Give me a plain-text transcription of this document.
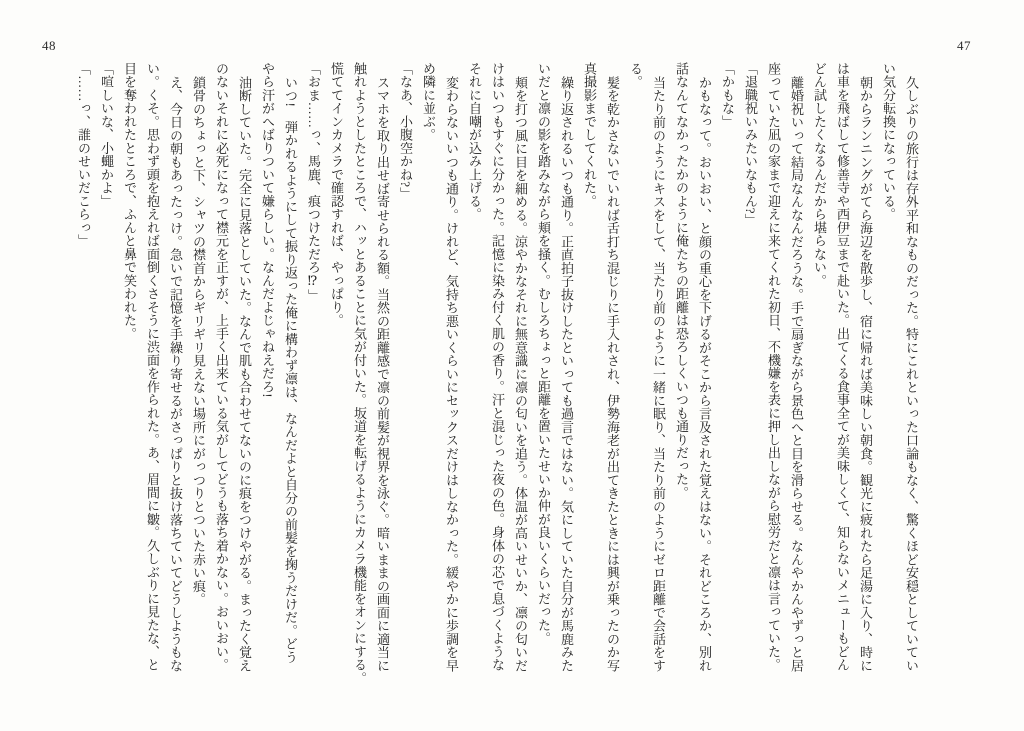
48	47
久しぶりの旅行は存外平和なものだった。特にこれといった口論もなく、驚くほど安穏としていてい
い気分転換になっている。
朝からランニングがてら海辺を散歩し、宿に帰れば美味しい朝食。観光に疲れたら足湯に入り、時に
は車を飛ばして修善寺や西伊豆まで赴いた。出てくる食事全てが美味しくて、知らないメニューもどん
どん試したくなるんだから堪らない。
離婚祝いって結局なんなんだろうな。手で扇ぎながら景色へと目を滑らせる。なんやかんやずっと居
座っていた凪の家まで迎えに来てくれた初日、不機嫌を表に押し出しながら慰労だと凛は言っていた。
「退職祝いみたいなもん?」
「かもな」
かもなって。おいおい、と顔の重心を下げるがそこから言及された覚えはない。それどころか、別れ
話なんてなかったかのように俺たちの距離は恐ろしくいつも通りだった。
当たり前のようにキスをして、当たり前のように一緒に眠り、当たり前のようにゼロ距離で会話をす
る。
髪を乾かさないでいれば舌打ち混じりに手入れされ、伊勢海老が出てきたときには興が乗ったのか写
真撮影までしてくれた。
繰り返されるいつも通り。正直拍子抜けしたといっても過言ではない。気にしていた自分が馬鹿みた
いだと凛の影を踏みながら頬を掻く。むしろちょっと距離を置いたせいか仲が良いくらいだった。
頬を打つ風に目を細める。涼やかなそれに無意識に凛の匂いを追う。体温が高いせいか、凛の匂いだ
けはいつもすぐに分かった。記憶に染み付く肌の香り。汗と混じった夜の色。身体の芯で息づくような
それに自嘲が込み上げる。
変わらないいつも通り。けれど、気持ち悪いくらいにセックスだけはしなかった。緩やかに歩調を早
め隣に並ぶ。
「なあ、小腹空かね?」
スマホを取り出せば寄せられる額。当然の距離感で凛の前髪が視界を泳ぐ。暗いままの画面に適当に
触れようとしたところで、ハッとあることに気が付いた。坂道を転げるようにカメラ機能をオンにする。
慌ててインカメラで確認すれば、やっぱり。
「おま……っ、馬鹿、痕つけただろ⁉」
いつ!　弾かれるようにして振り返った俺に構わず凛は、なんだよと自分の前髪を掬うだけだ。どう
やら汗がへばりついて嫌らしい。なんだよじゃねえだろ!
油断していた。完全に見落としていた。なんで肌も合わせてないのに痕をつけやがる。まったく覚え
のないそれに必死になって襟元を正すが、上手く出来ている気がしてどうも落ち着かない。おいおい。
鎖骨のちょっと下、シャツの襟首からギリギリ見えない場所にがっつりとついた赤い痕。
え、今日の朝もあったっけ。急いで記憶を手繰り寄せるがさっぱりと抜け落ちていてどうしようもな
い。くそ。思わず頭を抱えれば面倒くさそうに渋面を作られた。あ、眉間に皺。久しぶりに見たな、と
目を奪われたところで、ふんと鼻で笑われた。
「喧しいな、小蠅かよ」
「……っ、誰のせいだこらっ」
